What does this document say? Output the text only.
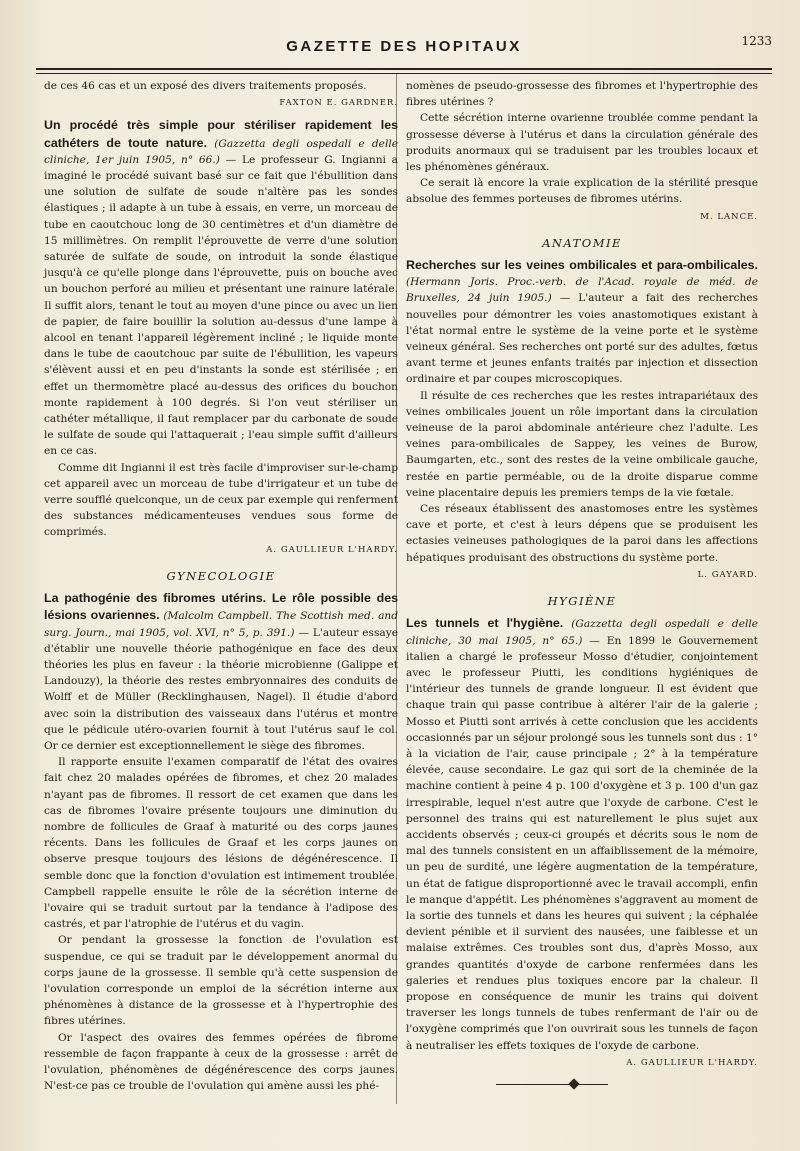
GAZETTE DES HOPITAUX	1233

de ces 46 cas et un exposé des divers traitements proposés.

FAXTON E. GARDNER.

Un procédé très simple pour stériliser rapidement les cathéters de toute nature. (Gazzetta degli ospedali e delle cliniche, 1er juin 1905, n° 66.) — Le professeur G. Ingianni a imaginé le procédé suivant basé sur ce fait que l'ébullition dans une solution de sulfate de soude n'altère pas les sondes élastiques ; il adapte à un tube à essais, en verre, un morceau de tube en caoutchouc long de 30 centimètres et d'un diamètre de 15 millimètres. On remplit l'éprouvette de verre d'une solution saturée de sulfate de soude, on introduit la sonde élastique jusqu'à ce qu'elle plonge dans l'éprouvette, puis on bouche avec un bouchon perforé au milieu et présentant une rainure latérale. Il suffit alors, tenant le tout au moyen d'une pince ou avec un lien de papier, de faire bouillir la solution au-dessus d'une lampe à alcool en tenant l'appareil légèrement incliné ; le liquide monte dans le tube de caoutchouc par suite de l'ébullition, les vapeurs s'élèvent aussi et en peu d'instants la sonde est stérilisée ; en effet un thermomètre placé au-dessus des orifices du bouchon monte rapidement à 100 degrés. Si l'on veut stériliser un cathéter métallique, il faut remplacer par du carbonate de soude le sulfate de soude qui l'attaquerait ; l'eau simple suffit d'ailleurs en ce cas.

Comme dit Ingianni il est très facile d'improviser sur-le-champ cet appareil avec un morceau de tube d'irrigateur et un tube de verre soufflé quelconque, un de ceux par exemple qui renferment des substances médicamenteuses vendues sous forme de comprimés.

A. GAULLIEUR L'HARDY.
GYNECOLOGIE

La pathogénie des fibromes utérins. Le rôle possible des lésions ovariennes. (Malcolm Campbell. The Scottish med. and surg. Journ., mai 1905, vol. XVI, n° 5, p. 391.) — L'auteur essaye d'établir une nouvelle théorie pathogénique en face des deux théories les plus en faveur : la théorie microbienne (Galippe et Landouzy), la théorie des restes embryonnaires des conduits de Wolff et de Müller (Recklinghausen, Nagel). Il étudie d'abord avec soin la distribution des vaisseaux dans l'utérus et montre que le pédicule utéro-ovarien fournit à tout l'utérus sauf le col. Or ce dernier est exceptionnellement le siège des fibromes.

Il rapporte ensuite l'examen comparatif de l'état des ovaires fait chez 20 malades opérées de fibromes, et chez 20 malades n'ayant pas de fibromes. Il ressort de cet examen que dans les cas de fibromes l'ovaire présente toujours une diminution du nombre de follicules de Graaf à maturité ou des corps jaunes récents. Dans les follicules de Graaf et les corps jaunes on observe presque toujours des lésions de dégénérescence. Il semble donc que la fonction d'ovulation est intimement troublée. Campbell rappelle ensuite le rôle de la sécrétion interne de l'ovaire qui se traduit surtout par la tendance à l'adipose des castrés, et par l'atrophie de l'utérus et du vagin.

Or pendant la grossesse la fonction de l'ovulation est suspendue, ce qui se traduit par le développement anormal du corps jaune de la grossesse. Il semble qu'à cette suspension de l'ovulation corresponde un emploi de la sécrétion interne aux phénomènes à distance de la grossesse et à l'hypertrophie des fibres utérines.

Or l'aspect des ovaires des femmes opérées de fibrome ressemble de façon frappante à ceux de la grossesse : arrêt de l'ovulation, phénomènes de dégénérescence des corps jaunes. N'est-ce pas ce trouble de l'ovulation qui amène aussi les phé-

nomènes de pseudo-grossesse des fibromes et l'hypertrophie des fibres utérines ?

Cette sécrétion interne ovarienne troublée comme pendant la grossesse déverse à l'utérus et dans la circulation générale des produits anormaux qui se traduisent par les troubles locaux et les phénomènes généraux.

Ce serait là encore la vraie explication de la stérilité presque absolue des femmes porteuses de fibromes utérins.

M. LANCE.
ANATOMIE

Recherches sur les veines ombilicales et para-ombilicales. (Hermann Joris. Proc.-verb. de l'Acad. royale de méd. de Bruxelles, 24 juin 1905.) — L'auteur a fait des recherches nouvelles pour démontrer les voies anastomotiques existant à l'état normal entre le système de la veine porte et le système veineux général. Ses recherches ont porté sur des adultes, fœtus avant terme et jeunes enfants traités par injection et dissection ordinaire et par coupes microscopiques.

Il résulte de ces recherches que les restes intrapariétaux des veines ombilicales jouent un rôle important dans la circulation veineuse de la paroi abdominale antérieure chez l'adulte. Les veines para-ombilicales de Sappey, les veines de Burow, Baumgarten, etc., sont des restes de la veine ombilicale gauche, restée en partie perméable, ou de la droite disparue comme veine placentaire depuis les premiers temps de la vie fœtale.

Ces réseaux établissent des anastomoses entre les systèmes cave et porte, et c'est à leurs dépens que se produisent les ectasies veineuses pathologiques de la paroi dans les affections hépatiques produisant des obstructions du système porte.

L. GAYARD.
HYGIÈNE

Les tunnels et l'hygiène. (Gazzetta degli ospedali e delle cliniche, 30 mai 1905, n° 65.) — En 1899 le Gouvernement italien a chargé le professeur Mosso d'étudier, conjointement avec le professeur Piutti, les conditions hygiéniques de l'intérieur des tunnels de grande longueur. Il est évident que chaque train qui passe contribue à altérer l'air de la galerie ; Mosso et Piutti sont arrivés à cette conclusion que les accidents occasionnés par un séjour prolongé sous les tunnels sont dus : 1° à la viciation de l'air, cause principale ; 2° à la température élevée, cause secondaire. Le gaz qui sort de la cheminée de la machine contient à peine 4 p. 100 d'oxygène et 3 p. 100 d'un gaz irrespirable, lequel n'est autre que l'oxyde de carbone. C'est le personnel des trains qui est naturellement le plus sujet aux accidents observés ; ceux-ci groupés et décrits sous le nom de mal des tunnels consistent en un affaiblissement de la mémoire, un peu de surdité, une légère augmentation de la température, un état de fatigue disproportionné avec le travail accompli, enfin le manque d'appétit. Les phénomènes s'aggravent au moment de la sortie des tunnels et dans les heures qui suivent ; la céphalée devient pénible et il survient des nausées, une faiblesse et un malaise extrêmes. Ces troubles sont dus, d'après Mosso, aux grandes quantités d'oxyde de carbone renfermées dans les galeries et rendues plus toxiques encore par la chaleur. Il propose en conséquence de munir les trains qui doivent traverser les longs tunnels de tubes renfermant de l'air ou de l'oxygène comprimés que l'on ouvrirait sous les tunnels de façon à neutraliser les effets toxiques de l'oxyde de carbone.

A. GAULLIEUR L'HARDY.
